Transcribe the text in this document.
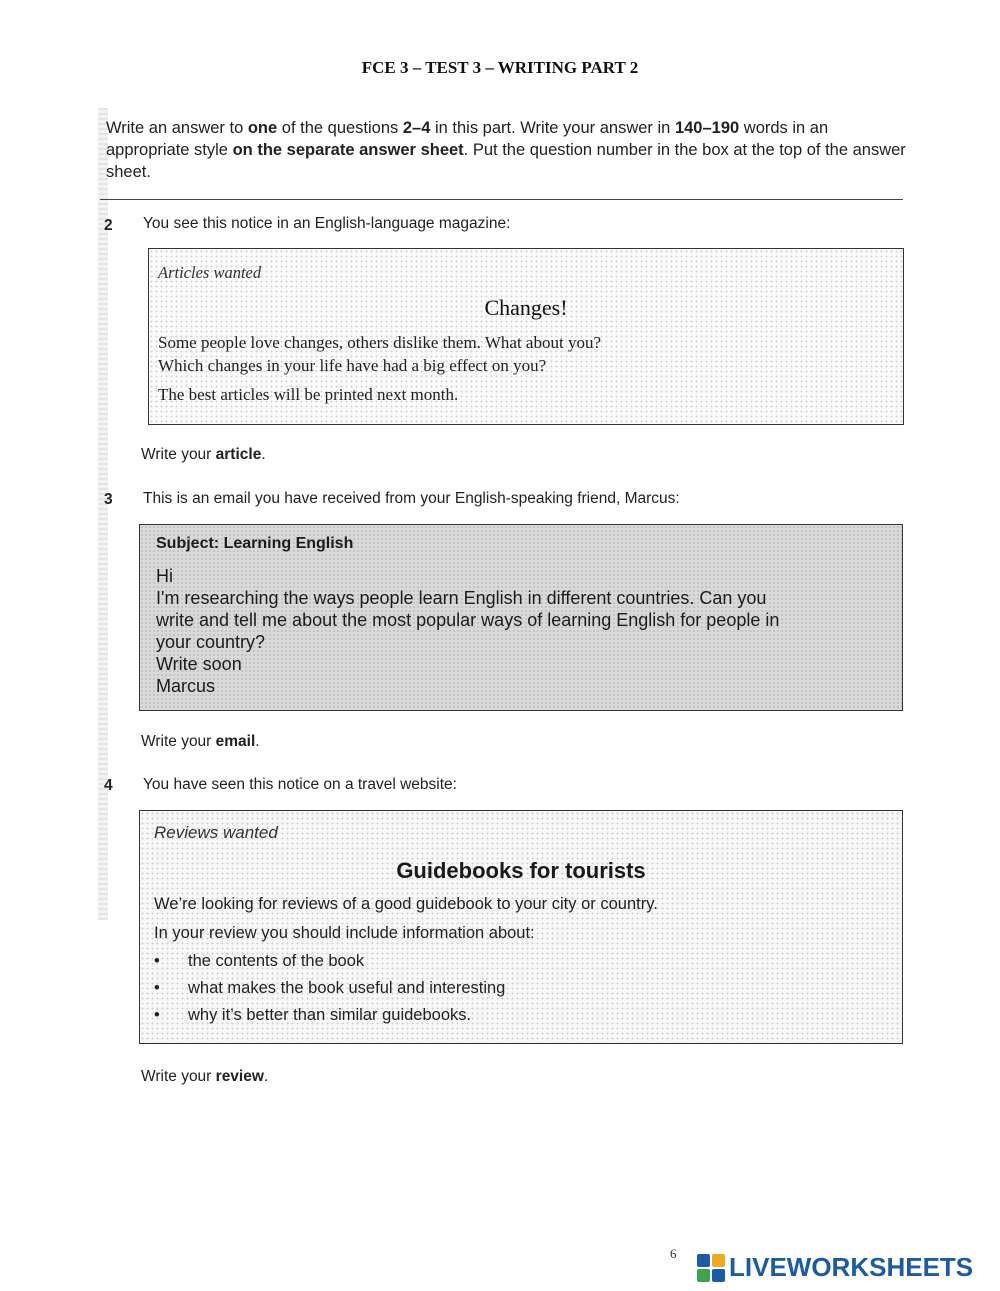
FCE 3 – TEST 3 – WRITING PART 2
Write an answer to one of the questions 2–4 in this part. Write your answer in 140–190 words in an appropriate style on the separate answer sheet. Put the question number in the box at the top of the answer sheet.
2 You see this notice in an English-language magazine:
Articles wanted
Changes!
Some people love changes, others dislike them. What about you?
Which changes in your life have had a big effect on you?
The best articles will be printed next month.
Write your article.
3 This is an email you have received from your English-speaking friend, Marcus:
Subject: Learning English
Hi
I'm researching the ways people learn English in different countries. Can you
write and tell me about the most popular ways of learning English for people in
your country?
Write soon
Marcus
Write your email.
4 You have seen this notice on a travel website:
Reviews wanted
Guidebooks for tourists
We’re looking for reviews of a good guidebook to your city or country.
In your review you should include information about:
• the contents of the book
• what makes the book useful and interesting
• why it’s better than similar guidebooks.
Write your review.
6 LIVEWORKSHEETS
